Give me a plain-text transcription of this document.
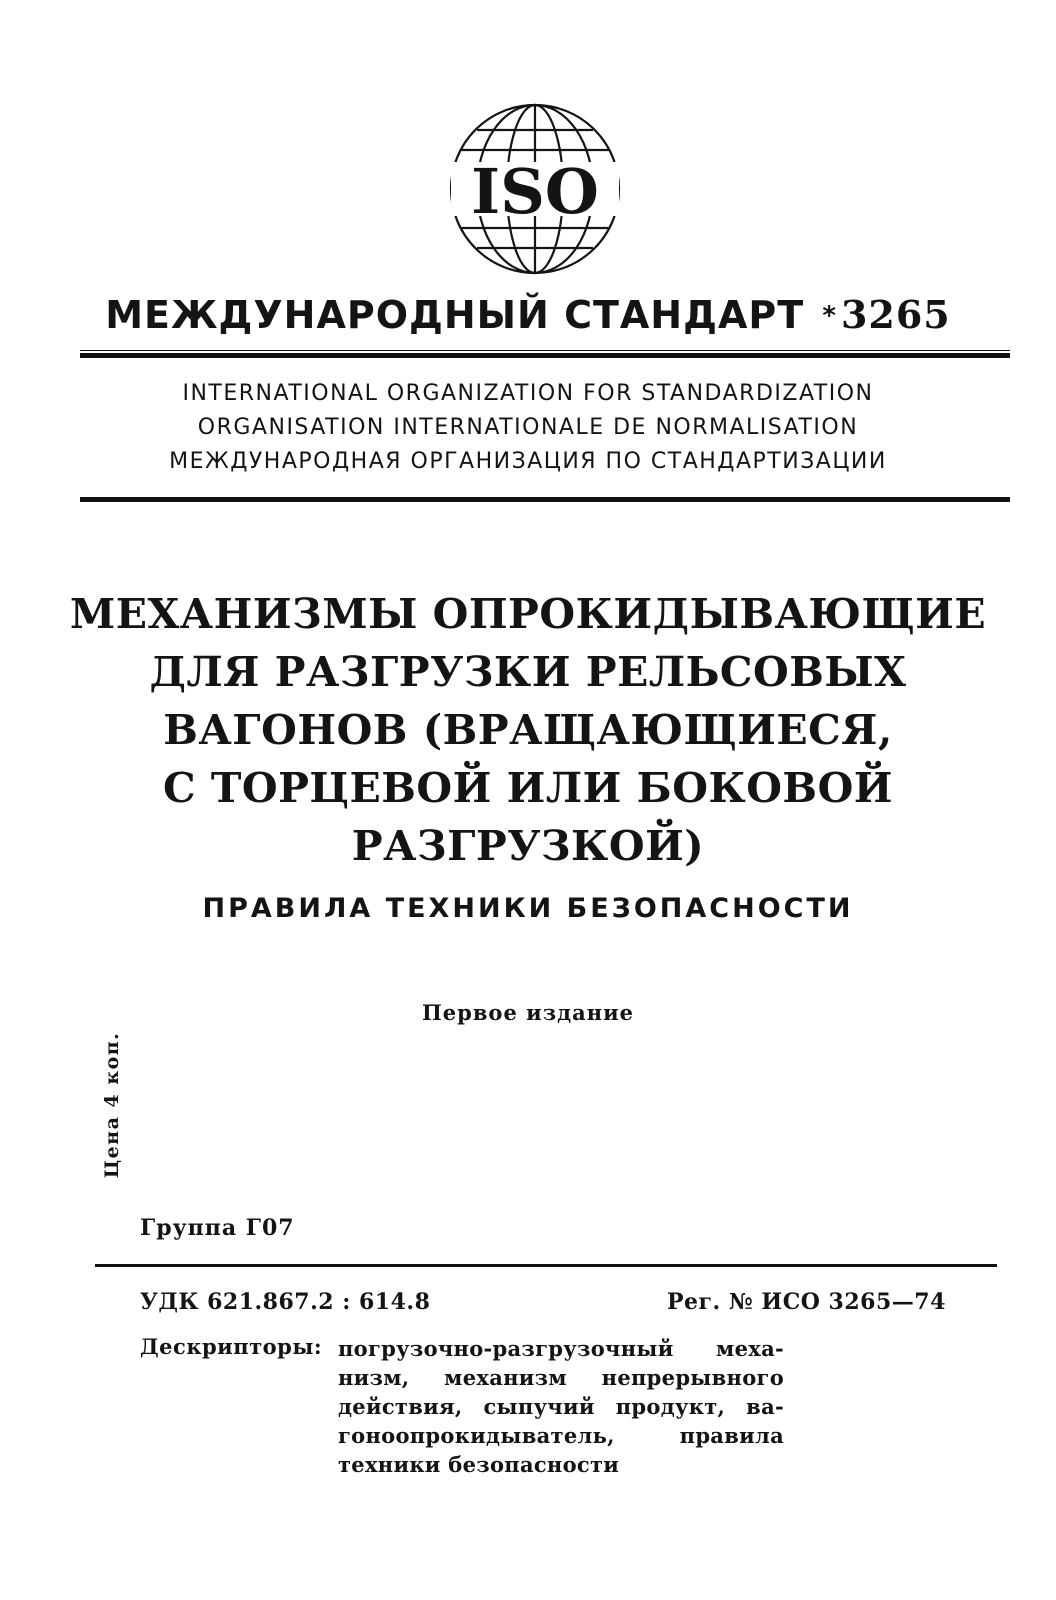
ISO
МЕЖДУНАРОДНЫЙ СТАНДАРТ * 3265
INTERNATIONAL ORGANIZATION FOR STANDARDIZATION
ORGANISATION INTERNATIONALE DE NORMALISATION
МЕЖДУНАРОДНАЯ ОРГАНИЗАЦИЯ ПО СТАНДАРТИЗАЦИИ
МЕХАНИЗМЫ ОПРОКИДЫВАЮЩИЕ
ДЛЯ РАЗГРУЗКИ РЕЛЬСОВЫХ
ВАГОНОВ (ВРАЩАЮЩИЕСЯ,
С ТОРЦЕВОЙ ИЛИ БОКОВОЙ
РАЗГРУЗКОЙ)
ПРАВИЛА ТЕХНИКИ БЕЗОПАСНОСТИ
Первое издание
Цена 4 коп.
Группа Г07
УДК 621.867.2 : 614.8	Рег. № ИСО 3265—74
Дескрипторы: погрузочно-разгрузочный меха-
низм, механизм непрерывного
действия, сыпучий продукт, ва-
гоноопрокидыватель, правила
техники безопасности
